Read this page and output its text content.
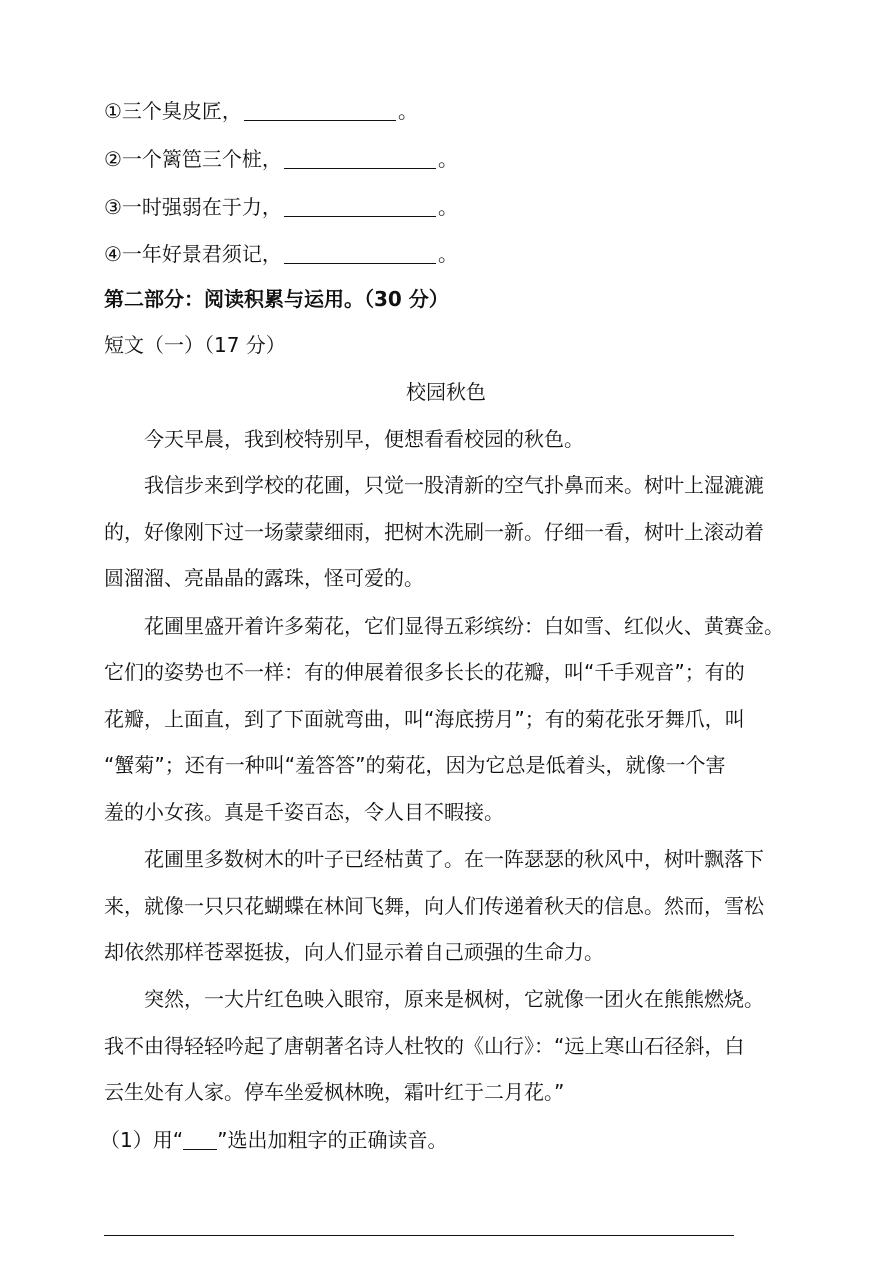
①三个臭皮匠，	。
②一个篱笆三个桩，	。
③一时强弱在于力，	。
④一年好景君须记，	。
第二部分：阅读积累与运用。（30 分）
短文（一）（17 分）
校园秋色
今天早晨，我到校特别早，便想看看校园的秋色。
我信步来到学校的花圃，只觉一股清新的空气扑鼻而来。树叶上湿漉漉
的，好像刚下过一场蒙蒙细雨，把树木洗刷一新。仔细一看，树叶上滚动着
圆溜溜、亮晶晶的露珠，怪可爱的。
花圃里盛开着许多菊花，它们显得五彩缤纷：白如雪、红似火、黄赛金。
它们的姿势也不一样：有的伸展着很多长长的花瓣，叫“千手观音”；有的
花瓣，上面直，到了下面就弯曲，叫“海底捞月”；有的菊花张牙舞爪，叫
“蟹菊”；还有一种叫“羞答答”的菊花，因为它总是低着头，就像一个害
羞的小女孩。真是千姿百态，令人目不暇接。
花圃里多数树木的叶子已经枯黄了。在一阵瑟瑟的秋风中，树叶飘落下
来，就像一只只花蝴蝶在林间飞舞，向人们传递着秋天的信息。然而，雪松
却依然那样苍翠挺拔，向人们显示着自己顽强的生命力。
突然，一大片红色映入眼帘，原来是枫树，它就像一团火在熊熊燃烧。
我不由得轻轻吟起了唐朝著名诗人杜牧的《山行》：“远上寒山石径斜，白
云生处有人家。停车坐爱枫林晚，霜叶红于二月花。”
（1）用“ ”选出加粗字的正确读音。
